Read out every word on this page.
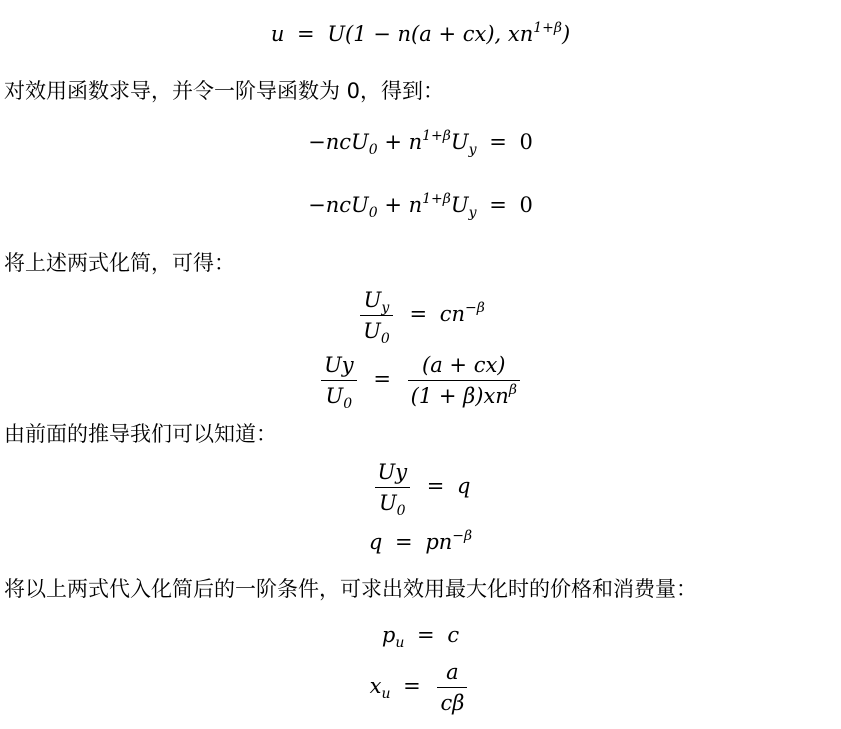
u = U(1 − n(a + cx), $xn^{1+\beta}$)
对效用函数求导，并令一阶导函数为 0，得到：
$-ncU_0 + n^{1+\beta}U_y = 0$
$-ncU_0 + n^{1+\beta}U_y = 0$
将上述两式化简，可得：
$\frac{U_y}{U_0} = cn^{-\beta}$
$\frac{Uy}{U_0} = \frac{(a + cx)}{(1 + \beta)xn^\beta}$
由前面的推导我们可以知道：
$\frac{Uy}{U_0} = q$
$q = pn^{-\beta}$
将以上两式代入化简后的一阶条件，可求出效用最大化时的价格和消费量：
$p_u = c$
$x_u = \frac{a}{c\beta}$
